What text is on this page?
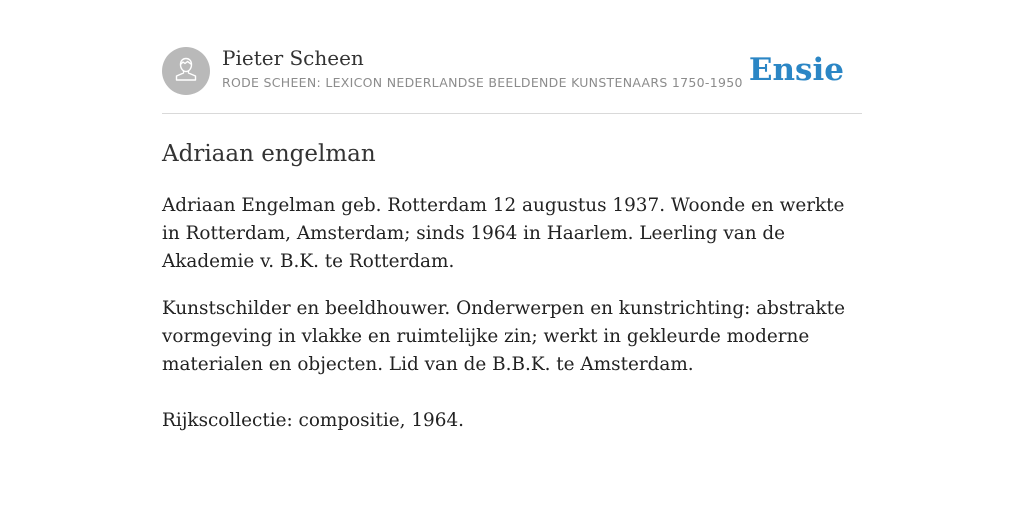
Pieter Scheen
RODE SCHEEN: LEXICON NEDERLANDSE BEELDENDE KUNSTENAARS 1750-1950 Ensie
Adriaan engelman

Adriaan Engelman geb. Rotterdam 12 augustus 1937. Woonde en werkte in Rotterdam, Amsterdam; sinds 1964 in Haarlem. Leerling van de Akademie v. B.K. te Rotterdam.

Kunstschilder en beeldhouwer. Onderwerpen en kunstrichting: abstrakte vormgeving in vlakke en ruimtelijke zin; werkt in gekleurde moderne materialen en objecten. Lid van de B.B.K. te Amsterdam.

Rijkscollectie: compositie, 1964.
